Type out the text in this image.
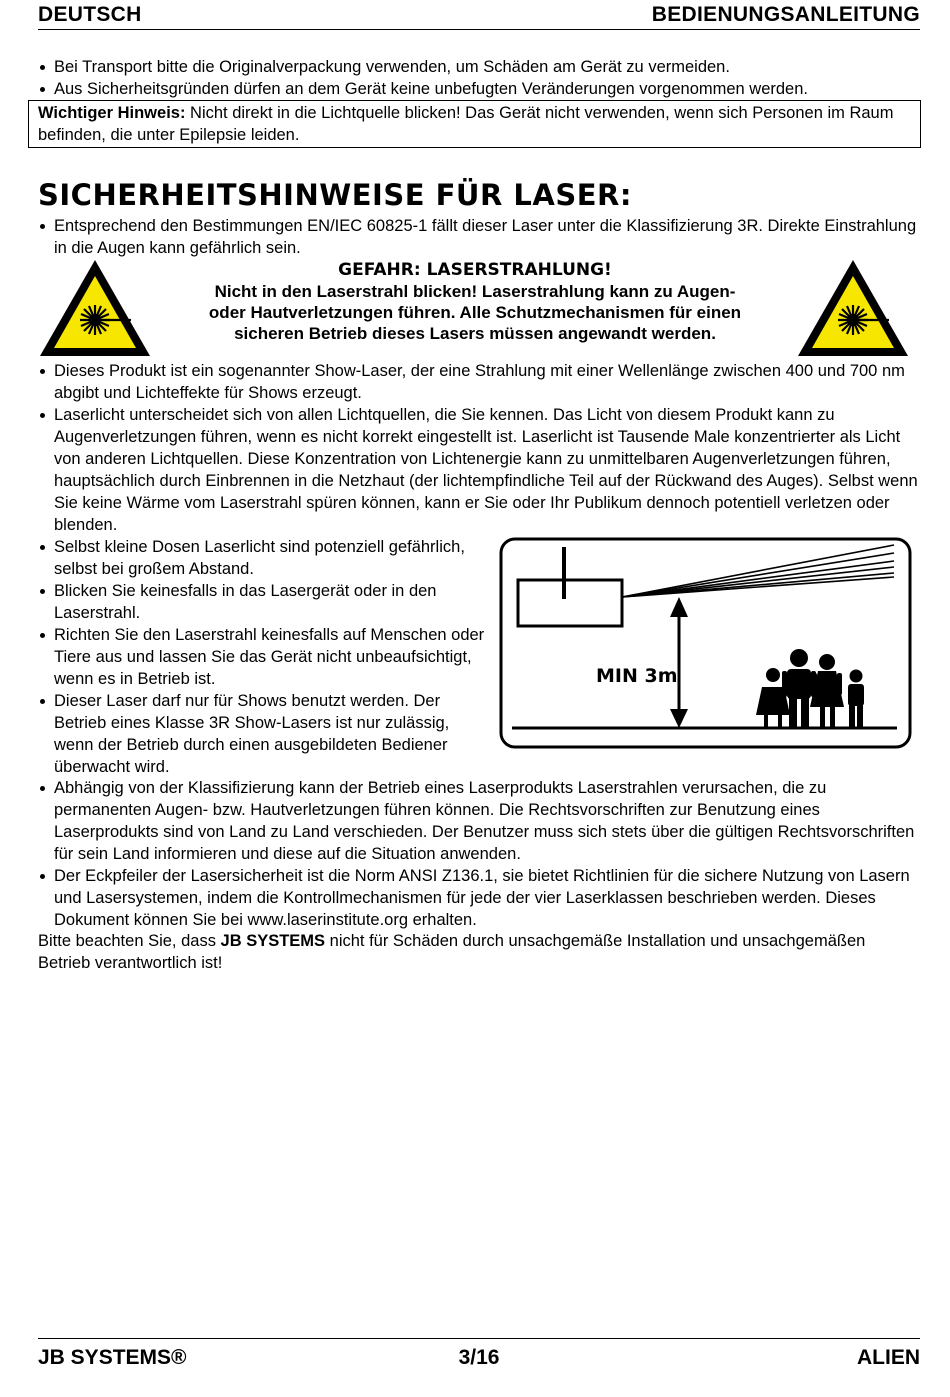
DEUTSCH	BEDIENUNGSANLEITUNG
Bei Transport bitte die Originalverpackung verwenden, um Schäden am Gerät zu vermeiden.
Aus Sicherheitsgründen dürfen an dem Gerät keine unbefugten Veränderungen vorgenommen werden.
Wichtiger Hinweis: Nicht direkt in die Lichtquelle blicken! Das Gerät nicht verwenden, wenn sich Personen im Raum befinden, die unter Epilepsie leiden.
SICHERHEITSHINWEISE FÜR LASER:
Entsprechend den Bestimmungen EN/IEC 60825-1 fällt dieser Laser unter die Klassifizierung 3R. Direkte Einstrahlung in die Augen kann gefährlich sein.
GEFAHR: LASERSTRAHLUNG!
Nicht in den Laserstrahl blicken! Laserstrahlung kann zu Augen-
oder Hautverletzungen führen. Alle Schutzmechanismen für einen
sicheren Betrieb dieses Lasers müssen angewandt werden.
Dieses Produkt ist ein sogenannter Show-Laser, der eine Strahlung mit einer Wellenlänge zwischen 400 und 700 nm abgibt und Lichteffekte für Shows erzeugt.
Laserlicht unterscheidet sich von allen Lichtquellen, die Sie kennen. Das Licht von diesem Produkt kann zu Augenverletzungen führen, wenn es nicht korrekt eingestellt ist. Laserlicht ist Tausende Male konzentrierter als Licht von anderen Lichtquellen. Diese Konzentration von Lichtenergie kann zu unmittelbaren Augenverletzungen führen, hauptsächlich durch Einbrennen in die Netzhaut (der lichtempfindliche Teil auf der Rückwand des Auges). Selbst wenn Sie keine Wärme vom Laserstrahl spüren können, kann er Sie oder Ihr Publikum dennoch potentiell verletzen oder blenden.
Selbst kleine Dosen Laserlicht sind potenziell gefährlich, selbst bei großem Abstand.
Blicken Sie keinesfalls in das Lasergerät oder in den Laserstrahl.
Richten Sie den Laserstrahl keinesfalls auf Menschen oder Tiere aus und lassen Sie das Gerät nicht unbeaufsichtigt, wenn es in Betrieb ist.
Dieser Laser darf nur für Shows benutzt werden. Der Betrieb eines Klasse 3R Show-Lasers ist nur zulässig, wenn der Betrieb durch einen ausgebildeten Bediener überwacht wird.
MIN 3m
Abhängig von der Klassifizierung kann der Betrieb eines Laserprodukts Laserstrahlen verursachen, die zu permanenten Augen- bzw. Hautverletzungen führen können. Die Rechtsvorschriften zur Benutzung eines Laserprodukts sind von Land zu Land verschieden. Der Benutzer muss sich stets über die gültigen Rechtsvorschriften für sein Land informieren und diese auf die Situation anwenden.
Der Eckpfeiler der Lasersicherheit ist die Norm ANSI Z136.1, sie bietet Richtlinien für die sichere Nutzung von Lasern und Lasersystemen, indem die Kontrollmechanismen für jede der vier Laserklassen beschrieben werden. Dieses Dokument können Sie bei www.laserinstitute.org erhalten.
Bitte beachten Sie, dass JB SYSTEMS nicht für Schäden durch unsachgemäße Installation und unsachgemäßen Betrieb verantwortlich ist!
3/16
JB SYSTEMS®	ALIEN
